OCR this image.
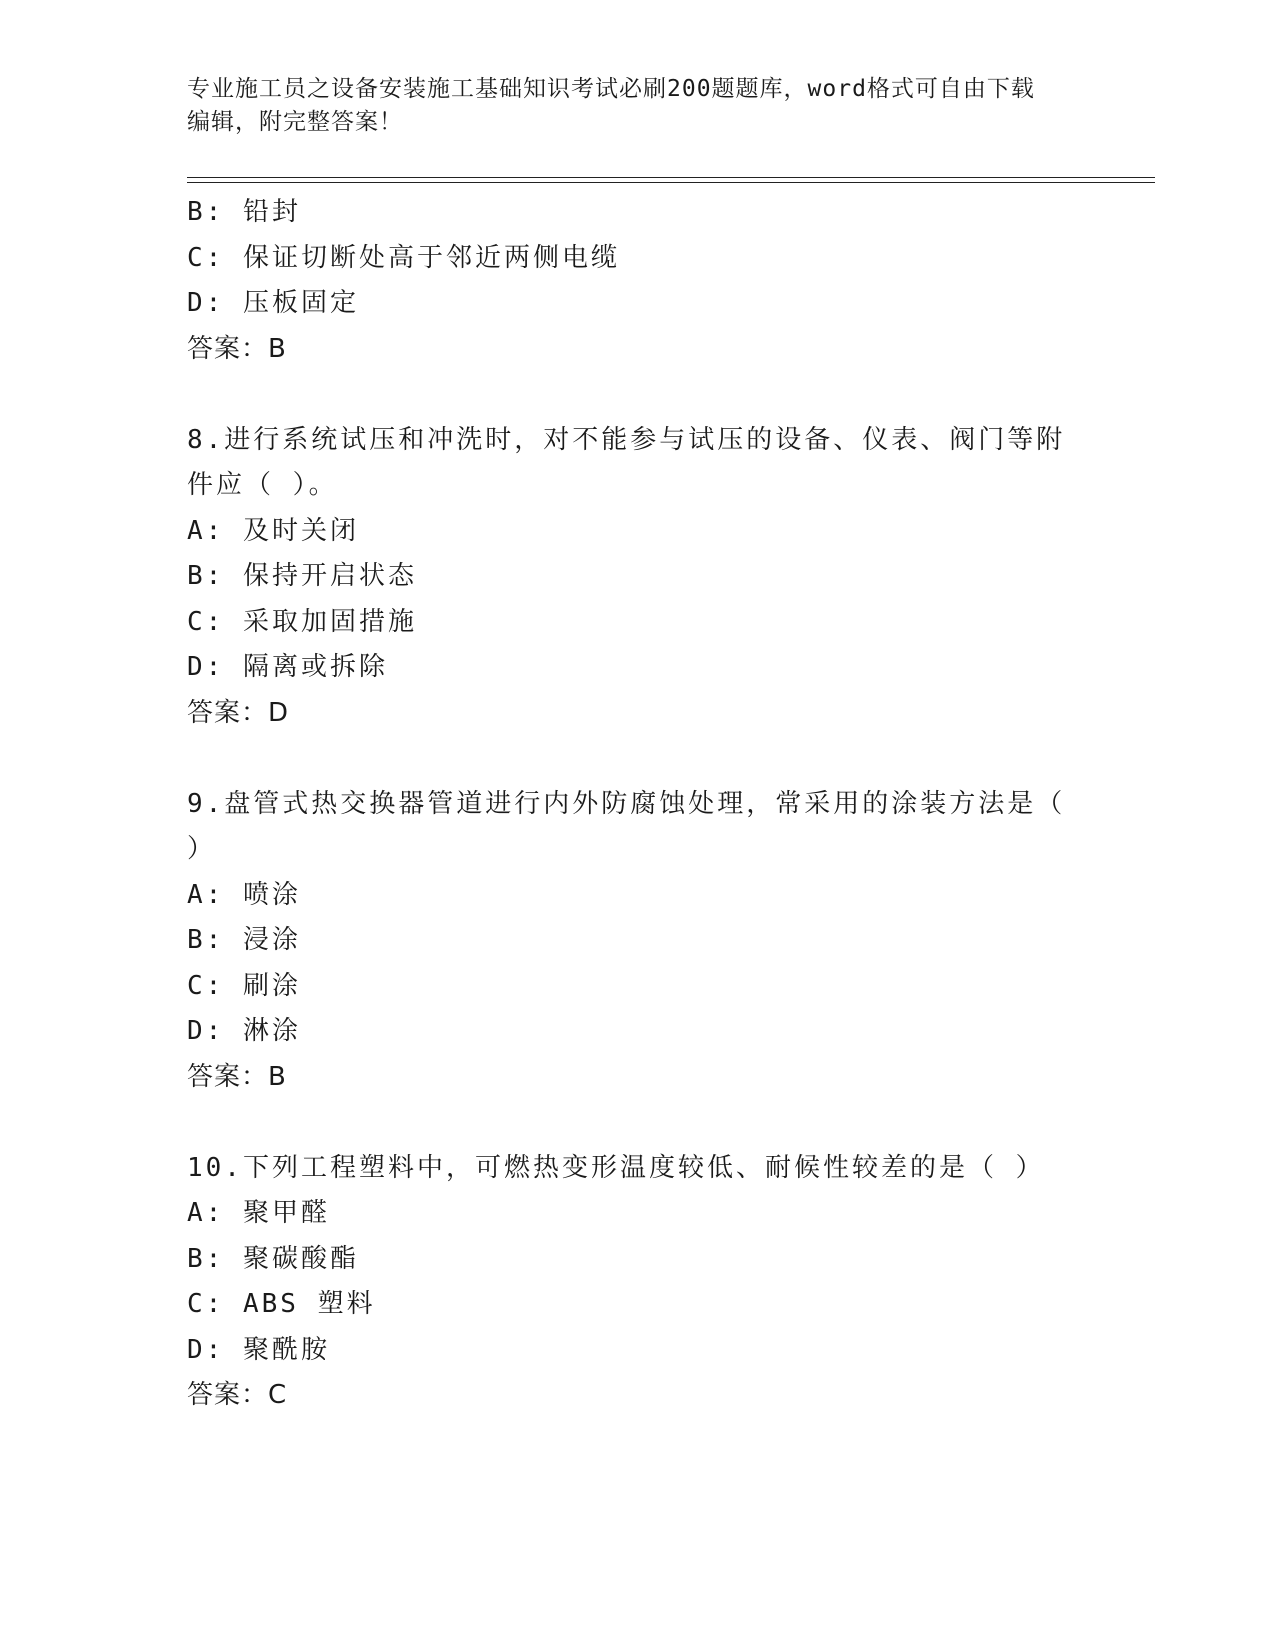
专业施工员之设备安装施工基础知识考试必刷200题题库，word格式可自由下载
编辑，附完整答案！
B: 铅封
C: 保证切断处高于邻近两侧电缆
D: 压板固定
答案：B
8.进行系统试压和冲洗时，对不能参与试压的设备、仪表、阀门等附
件应（ ）。
A: 及时关闭
B: 保持开启状态
C: 采取加固措施
D: 隔离或拆除
答案：D
9.盘管式热交换器管道进行内外防腐蚀处理，常采用的涂装方法是（
）
A: 喷涂
B: 浸涂
C: 刷涂
D: 淋涂
答案：B
10.下列工程塑料中，可燃热变形温度较低、耐候性较差的是（ ）
A: 聚甲醛
B: 聚碳酸酯
C: ABS 塑料
D: 聚酰胺
答案：C
